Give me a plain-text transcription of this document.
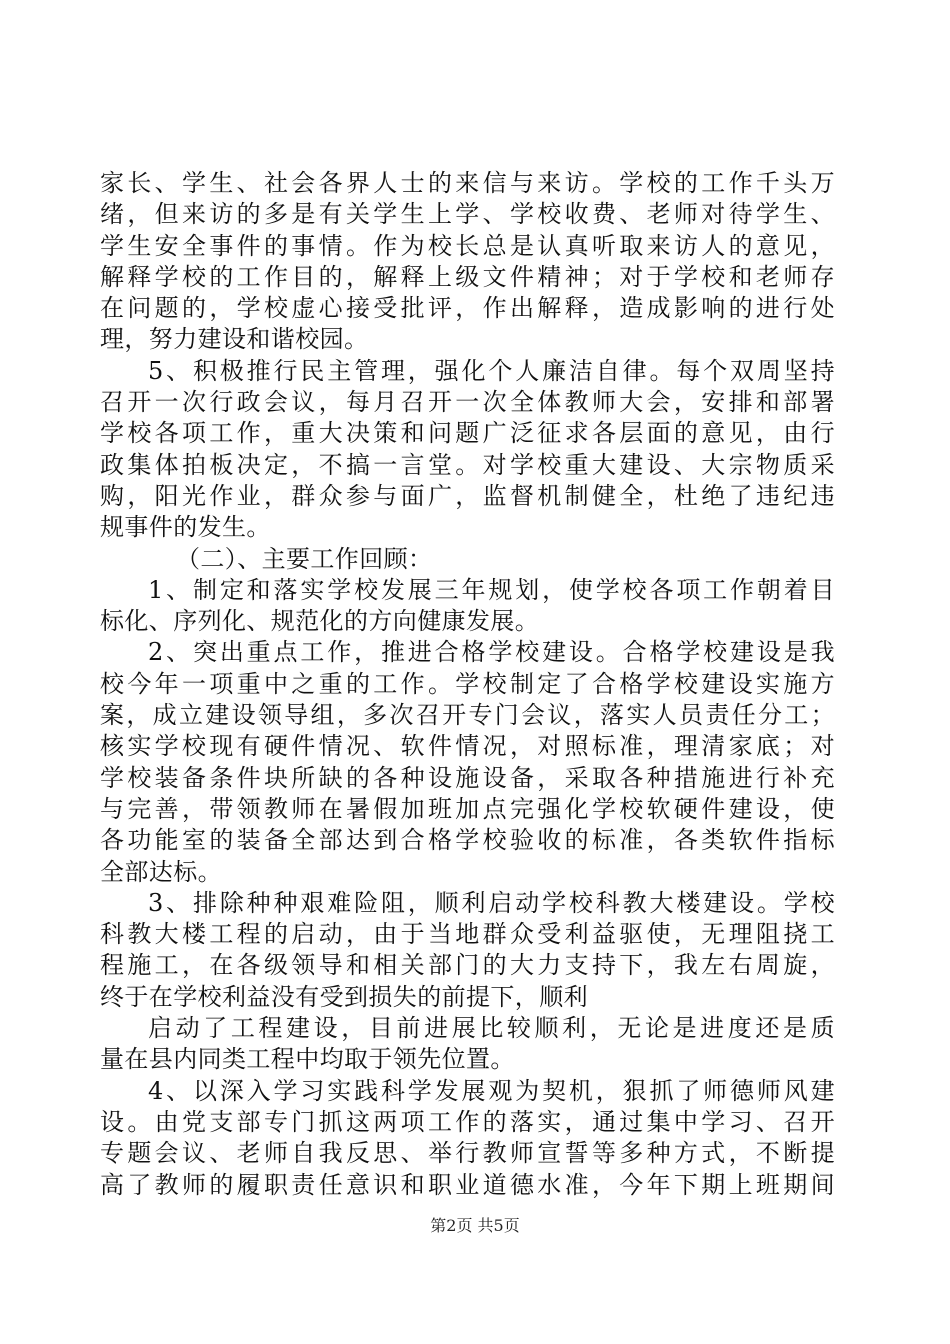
家长、学生、社会各界人士的来信与来访。学校的工作千头万
绪，但来访的多是有关学生上学、学校收费、老师对待学生、
学生安全事件的事情。作为校长总是认真听取来访人的意见，
解释学校的工作目的，解释上级文件精神；对于学校和老师存
在问题的，学校虚心接受批评，作出解释，造成影响的进行处
理，努力建设和谐校园。
5、积极推行民主管理，强化个人廉洁自律。每个双周坚持
召开一次行政会议，每月召开一次全体教师大会，安排和部署
学校各项工作，重大决策和问题广泛征求各层面的意见，由行
政集体拍板决定，不搞一言堂。对学校重大建设、大宗物质采
购，阳光作业，群众参与面广，监督机制健全，杜绝了违纪违
规事件的发生。
（二）、主要工作回顾：
1、制定和落实学校发展三年规划，使学校各项工作朝着目
标化、序列化、规范化的方向健康发展。
2、突出重点工作，推进合格学校建设。合格学校建设是我
校今年一项重中之重的工作。学校制定了合格学校建设实施方
案，成立建设领导组，多次召开专门会议，落实人员责任分工；
核实学校现有硬件情况、软件情况，对照标准，理清家底；对
学校装备条件块所缺的各种设施设备，采取各种措施进行补充
与完善，带领教师在暑假加班加点完强化学校软硬件建设，使
各功能室的装备全部达到合格学校验收的标准，各类软件指标
全部达标。
3、排除种种艰难险阻，顺利启动学校科教大楼建设。学校
科教大楼工程的启动，由于当地群众受利益驱使，无理阻挠工
程施工，在各级领导和相关部门的大力支持下，我左右周旋，
终于在学校利益没有受到损失的前提下，顺利
启动了工程建设，目前进展比较顺利，无论是进度还是质
量在县内同类工程中均取于领先位置。
4、以深入学习实践科学发展观为契机，狠抓了师德师风建
设。由党支部专门抓这两项工作的落实，通过集中学习、召开
专题会议、老师自我反思、举行教师宣誓等多种方式，不断提
高了教师的履职责任意识和职业道德水准，今年下期上班期间
第2页 共5页
